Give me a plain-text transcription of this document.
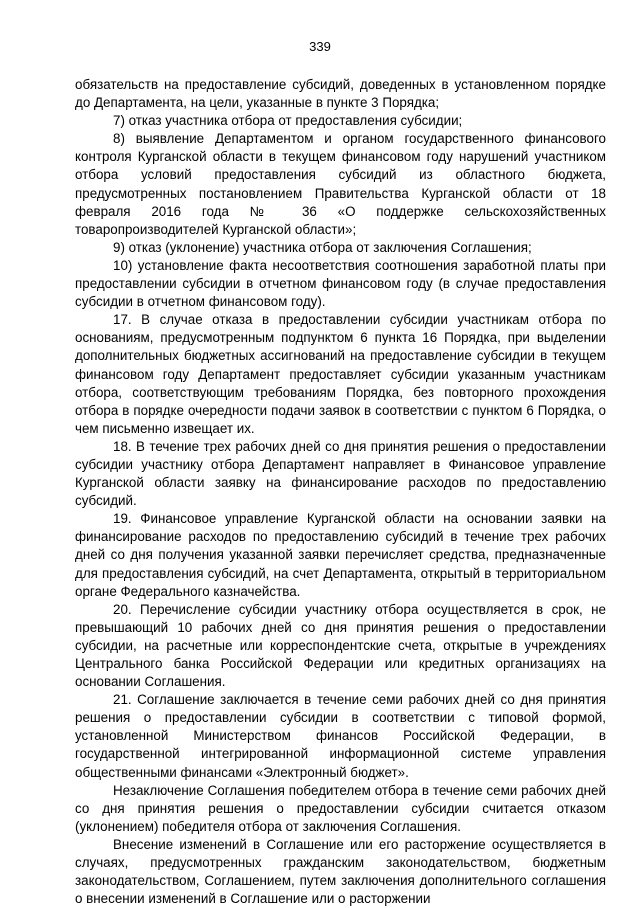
339

обязательств на предоставление субсидий, доведенных в установленном порядке до Департамента, на цели, указанные в пункте 3 Порядка;

7) отказ участника отбора от предоставления субсидии;

8) выявление Департаментом и органом государственного финансового контроля Курганской области в текущем финансовом году нарушений участником отбора условий предоставления субсидий из областного бюджета, предусмотренных постановлением Правительства Курганской области от 18 февраля 2016 года № 36 «О поддержке сельскохозяйственных товаропроизводителей Курганской области»;

9) отказ (уклонение) участника отбора от заключения Соглашения;

10) установление факта несоответствия соотношения заработной платы при предоставлении субсидии в отчетном финансовом году (в случае предоставления субсидии в отчетном финансовом году).

17. В случае отказа в предоставлении субсидии участникам отбора по основаниям, предусмотренным подпунктом 6 пункта 16 Порядка, при выделении дополнительных бюджетных ассигнований на предоставление субсидии в текущем финансовом году Департамент предоставляет субсидии указанным участникам отбора, соответствующим требованиям Порядка, без повторного прохождения отбора в порядке очередности подачи заявок в соответствии с пунктом 6 Порядка, о чем письменно извещает их.

18. В течение трех рабочих дней со дня принятия решения о предоставлении субсидии участнику отбора Департамент направляет в Финансовое управление Курганской области заявку на финансирование расходов по предоставлению субсидий.

19. Финансовое управление Курганской области на основании заявки на финансирование расходов по предоставлению субсидий в течение трех рабочих дней со дня получения указанной заявки перечисляет средства, предназначенные для предоставления субсидий, на счет Департамента, открытый в территориальном органе Федерального казначейства.

20. Перечисление субсидии участнику отбора осуществляется в срок, не превышающий 10 рабочих дней со дня принятия решения о предоставлении субсидии, на расчетные или корреспондентские счета, открытые в учреждениях Центрального банка Российской Федерации или кредитных организациях на основании Соглашения.

21. Соглашение заключается в течение семи рабочих дней со дня принятия решения о предоставлении субсидии в соответствии с типовой формой, установленной Министерством финансов Российской Федерации, в государственной интегрированной информационной системе управления общественными финансами «Электронный бюджет».

Незаключение Соглашения победителем отбора в течение семи рабочих дней со дня принятия решения о предоставлении субсидии считается отказом (уклонением) победителя отбора от заключения Соглашения.

Внесение изменений в Соглашение или его расторжение осуществляется в случаях, предусмотренных гражданским законодательством, бюджетным законодательством, Соглашением, путем заключения дополнительного соглашения о внесении изменений в Соглашение или о расторжении
